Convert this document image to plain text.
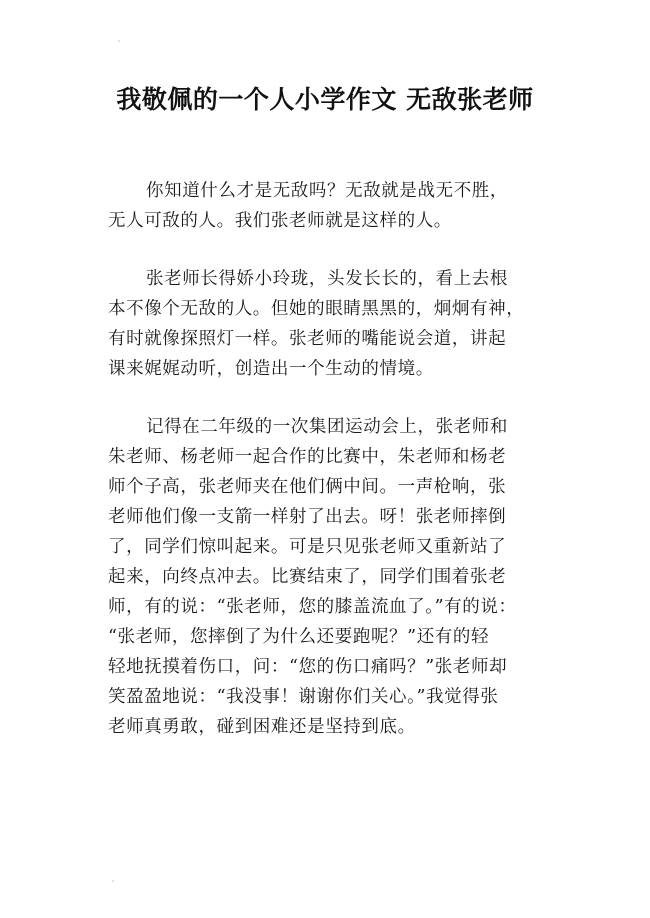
我敬佩的一个人小学作文 无敌张老师

你知道什么才是无敌吗？无敌就是战无不胜，
无人可敌的人。我们张老师就是这样的人。

张老师长得娇小玲珑，头发长长的，看上去根
本不像个无敌的人。但她的眼睛黑黑的，炯炯有神，
有时就像探照灯一样。张老师的嘴能说会道，讲起
课来娓娓动听，创造出一个生动的情境。

记得在二年级的一次集团运动会上，张老师和
朱老师、杨老师一起合作的比赛中，朱老师和杨老
师个子高，张老师夹在他们俩中间。一声枪响，张
老师他们像一支箭一样射了出去。呀！张老师摔倒
了，同学们惊叫起来。可是只见张老师又重新站了
起来，向终点冲去。比赛结束了，同学们围着张老
师，有的说：“张老师，您的膝盖流血了。”有的说：
“张老师，您摔倒了为什么还要跑呢？”还有的轻
轻地抚摸着伤口，问：“您的伤口痛吗？”张老师却
笑盈盈地说：“我没事！谢谢你们关心。”我觉得张
老师真勇敢，碰到困难还是坚持到底。
